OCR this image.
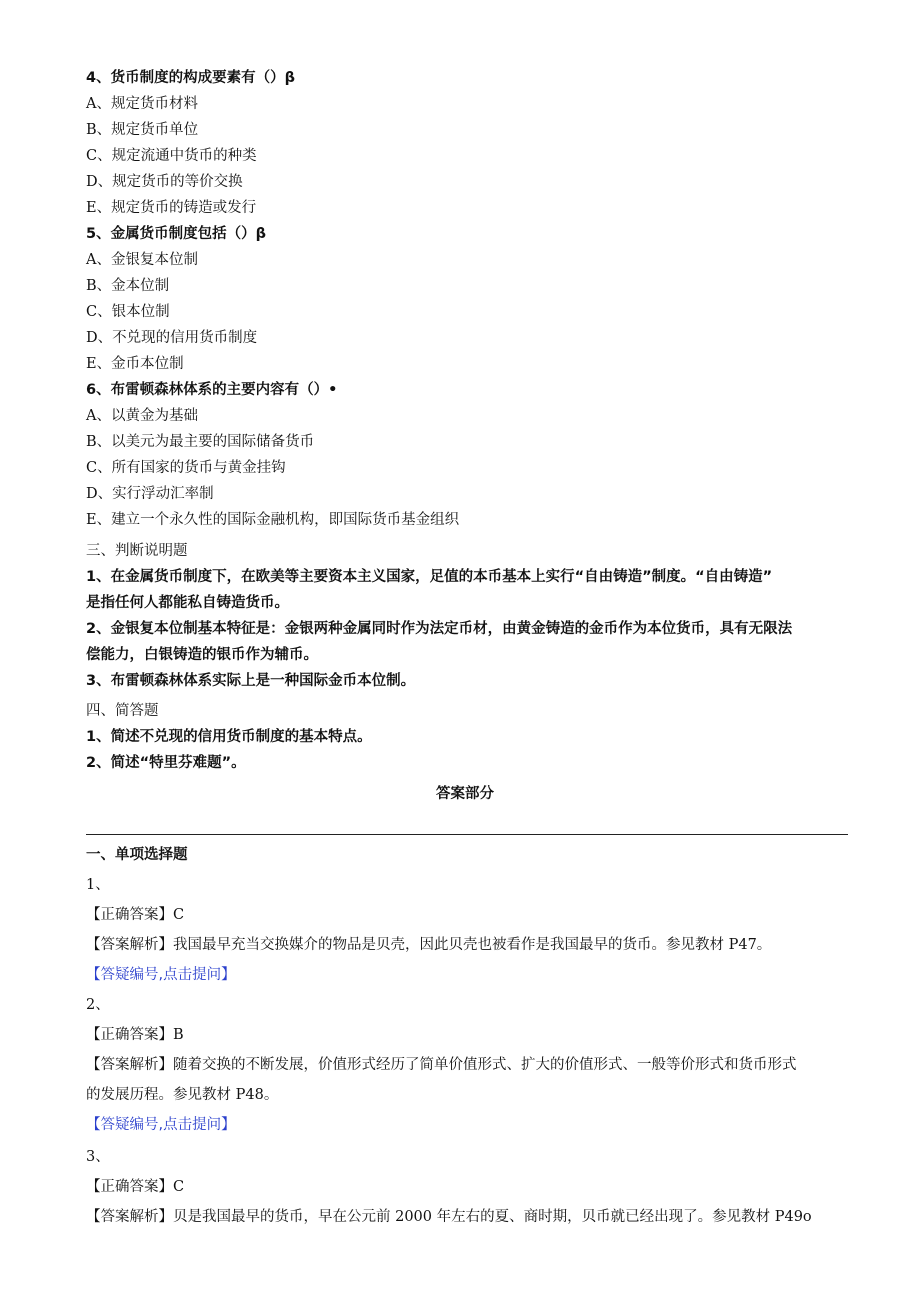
4、货币制度的构成要素有（）β
A、规定货币材料
B、规定货币单位
C、规定流通中货币的种类
D、规定货币的等价交换
E、规定货币的铸造或发行
5、金属货币制度包括（）β
A、金银复本位制
B、金本位制
C、银本位制
D、不兑现的信用货币制度
E、金币本位制
6、布雷顿森林体系的主要内容有（）•
A、以黄金为基础
B、以美元为最主要的国际储备货币
C、所有国家的货币与黄金挂钩
D、实行浮动汇率制
E、建立一个永久性的国际金融机构，即国际货币基金组织
三、判断说明题
1、在金属货币制度下，在欧美等主要资本主义国家，足值的本币基本上实行“自由铸造”制度。“自由铸造”
是指任何人都能私自铸造货币。
2、金银复本位制基本特征是：金银两种金属同时作为法定币材，由黄金铸造的金币作为本位货币，具有无限法
偿能力，白银铸造的银币作为辅币。
3、布雷顿森林体系实际上是一种国际金币本位制。
四、简答题
1、简述不兑现的信用货币制度的基本特点。
2、简述“特里芬难题”。
答案部分
一、单项选择题
1、
【正确答案】C
【答案解析】我国最早充当交换媒介的物品是贝壳，因此贝壳也被看作是我国最早的货币。参见教材 P47。
【答疑编号,点击提问】
2、
【正确答案】B
【答案解析】随着交换的不断发展，价值形式经历了简单价值形式、扩大的价值形式、一般等价形式和货币形式
的发展历程。参见教材 P48。
【答疑编号,点击提问】
3、
【正确答案】C
【答案解析】贝是我国最早的货币，早在公元前 2000 年左右的夏、商时期，贝币就已经出现了。参见教材 P49o
